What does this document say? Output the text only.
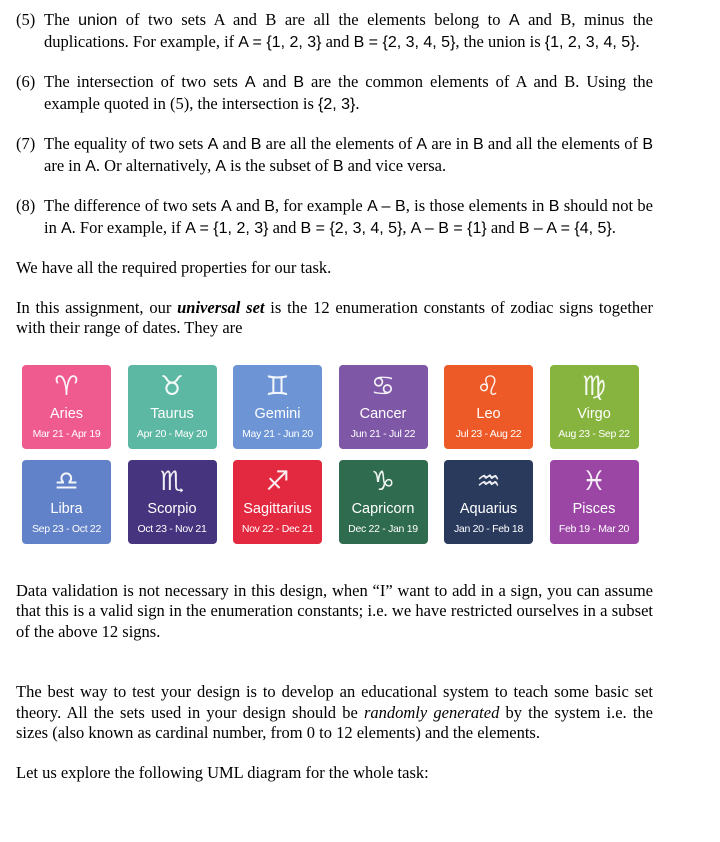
(5) The union of two sets A and B are all the elements belong to A and B, minus the duplications. For example, if A = {1, 2, 3} and B = {2, 3, 4, 5}, the union is {1, 2, 3, 4, 5}.
(6) The intersection of two sets A and B are the common elements of A and B. Using the example quoted in (5), the intersection is {2, 3}.
(7) The equality of two sets A and B are all the elements of A are in B and all the elements of B are in A. Or alternatively, A is the subset of B and vice versa.
(8) The difference of two sets A and B, for example A – B, is those elements in B should not be in A. For example, if A = {1, 2, 3} and B = {2, 3, 4, 5}, A – B = {1} and B – A = {4, 5}.
We have all the required properties for our task.
In this assignment, our universal set is the 12 enumeration constants of zodiac signs together with their range of dates. They are
♈
Aries
Mar 21 - Apr 19
♉
Taurus
Apr 20 - May 20
♊
Gemini
May 21 - Jun 20
♋
Cancer
Jun 21 - Jul 22
♌
Leo
Jul 23 - Aug 22
♍
Virgo
Aug 23 - Sep 22
♎
Libra
Sep 23 - Oct 22
♏
Scorpio
Oct 23 - Nov 21
♐
Sagittarius
Nov 22 - Dec 21
♑
Capricorn
Dec 22 - Jan 19
♒
Aquarius
Jan 20 - Feb 18
♓
Pisces
Feb 19 - Mar 20
Data validation is not necessary in this design, when “I” want to add in a sign, you can assume that this is a valid sign in the enumeration constants; i.e. we have restricted ourselves in a subset of the above 12 signs.
The best way to test your design is to develop an educational system to teach some basic set theory. All the sets used in your design should be randomly generated by the system i.e. the sizes (also known as cardinal number, from 0 to 12 elements) and the elements.
Let us explore the following UML diagram for the whole task:
